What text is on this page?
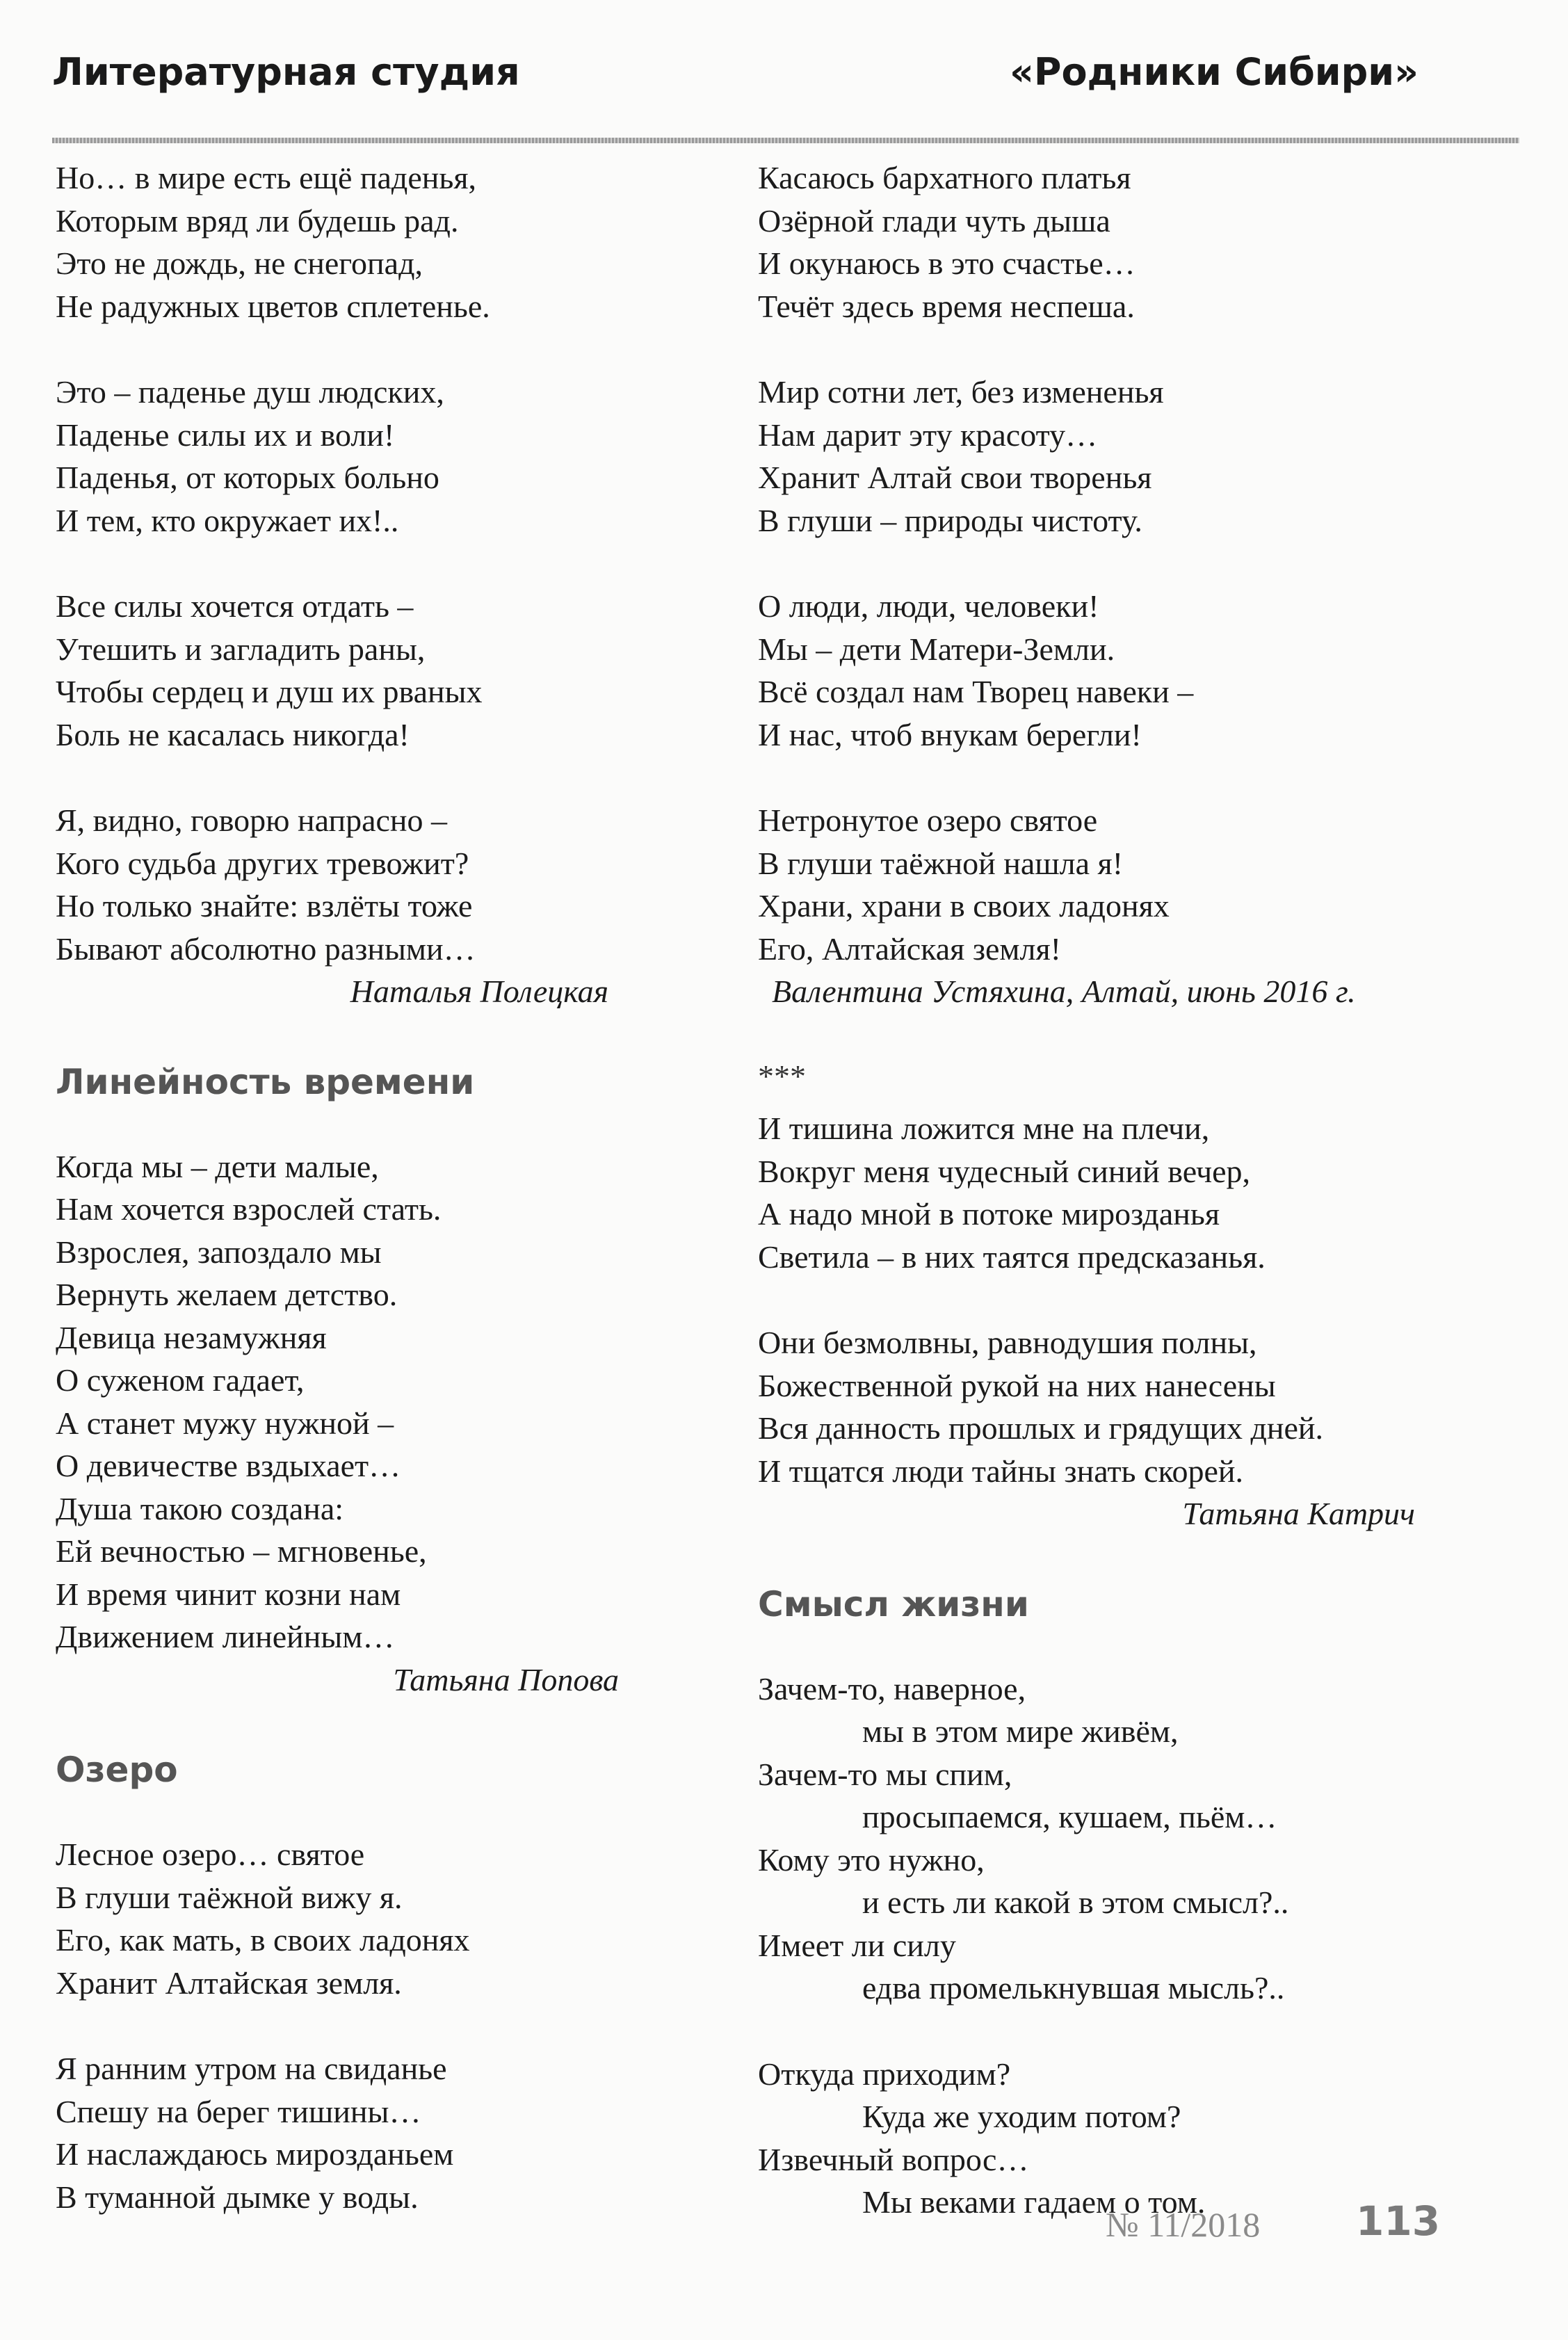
Литературная студия	«Родники Сибири»
Но… в мире есть ещё паденья,
Которым вряд ли будешь рад.
Это не дождь, не снегопад,
Не радужных цветов сплетенье.
Это – паденье душ людских,
Паденье силы их и воли!
Паденья, от которых больно
И тем, кто окружает их!..
Все силы хочется отдать –
Утешить и загладить раны,
Чтобы сердец и душ их рваных
Боль не касалась никогда!
Я, видно, говорю напрасно –
Кого судьба других тревожит?
Но только знайте: взлёты тоже
Бывают абсолютно разными…
Наталья Полецкая
Линейность времени
Когда мы – дети малые,
Нам хочется взрослей стать.
Взрослея, запоздало мы
Вернуть желаем детство.
Девица незамужняя
О суженом гадает,
А станет мужу нужной –
О девичестве вздыхает…
Душа такою создана:
Ей вечностью – мгновенье,
И время чинит козни нам
Движением линейным…
Татьяна Попова
Озеро
Лесное озеро… святое
В глуши таёжной вижу я.
Его, как мать, в своих ладонях
Хранит Алтайская земля.
Я ранним утром на свиданье
Спешу на берег тишины…
И наслаждаюсь мирозданьем
В туманной дымке у воды.
Касаюсь бархатного платья
Озёрной глади чуть дыша
И окунаюсь в это счастье…
Течёт здесь время неспеша.
Мир сотни лет, без измененья
Нам дарит эту красоту…
Хранит Алтай свои творенья
В глуши – природы чистоту.
О люди, люди, человеки!
Мы – дети Матери-Земли.
Всё создал нам Творец навеки –
И нас, чтоб внукам берегли!
Нетронутое озеро святое
В глуши таёжной нашла я!
Храни, храни в своих ладонях
Его, Алтайская земля!
Валентина Устяхина, Алтай, июнь 2016 г.
***
И тишина ложится мне на плечи,
Вокруг меня чудесный синий вечер,
А надо мной в потоке мирозданья
Светила – в них таятся предсказанья.
Они безмолвны, равнодушия полны,
Божественной рукой на них нанесены
Вся данность прошлых и грядущих дней.
И тщатся люди тайны знать скорей.
Татьяна Катрич
Смысл жизни
Зачем-то, наверное,
мы в этом мире живём,
Зачем-то мы спим,
просыпаемся, кушаем, пьём…
Кому это нужно,
и есть ли какой в этом смысл?..
Имеет ли силу
едва промелькнувшая мысль?..
Откуда приходим?
Куда же уходим потом?
Извечный вопрос…
Мы веками гадаем о том.
№ 11/2018 113
